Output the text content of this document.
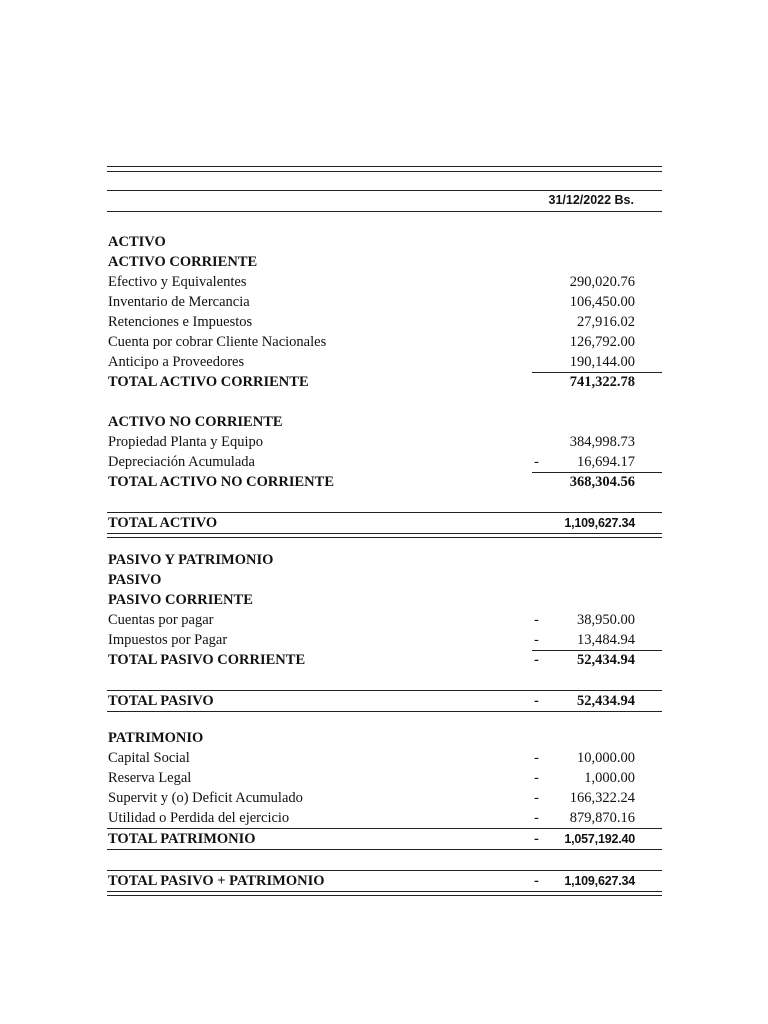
31/12/2022 Bs.
ACTIVO
ACTIVO CORRIENTE
Efectivo y Equivalentes	290,020.76
Inventario de Mercancia	106,450.00
Retenciones e Impuestos	27,916.02
Cuenta por cobrar Cliente Nacionales	126,792.00
Anticipo a Proveedores	190,144.00
TOTAL ACTIVO CORRIENTE	741,322.78
ACTIVO NO CORRIENTE
Propiedad Planta y Equipo	384,998.73
Depreciación Acumulada	-	16,694.17
TOTAL ACTIVO NO CORRIENTE	368,304.56
TOTAL ACTIVO	1,109,627.34
PASIVO Y PATRIMONIO
PASIVO
PASIVO CORRIENTE
Cuentas por pagar	-	38,950.00
Impuestos por Pagar	-	13,484.94
TOTAL PASIVO CORRIENTE	-	52,434.94
TOTAL PASIVO	-	52,434.94
PATRIMONIO
Capital Social	-	10,000.00
Reserva Legal	-	1,000.00
Supervit y (o) Deficit Acumulado	- 166,322.24
Utilidad o Perdida del ejercicio	- 879,870.16
TOTAL PATRIMONIO	- 1,057,192.40
TOTAL PASIVO + PATRIMONIO	- 1,109,627.34
